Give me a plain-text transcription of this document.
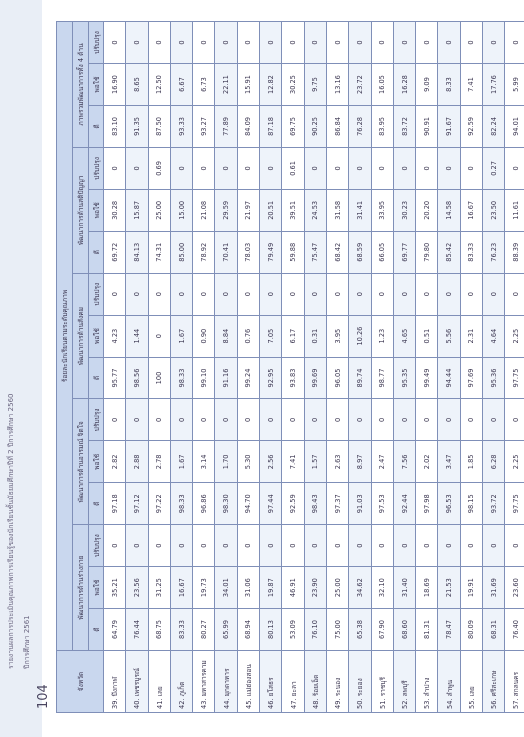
104
รายงานผลการประเมินคุณภาพการเรียนรู้ของนักเรียนชั้นมัธยมศึกษาปีที่ 2 ปีการศึกษา 2560 ปีการศึกษา 2561
จังหวัด	ร้อยละนักเรียนตามระดับคุณภาพ														
	พัฒนาการด้านร่างกาย			พัฒนาการด้านอารมณ์ จิตใจ			พัฒนาการด้านสังคม			พัฒนาการด้านสติปัญญา			ภาพรวมพัฒนาการทั้ง 4 ด้าน		
	ดี	พอใช้	ปรับปรุง	ดี	พอใช้	ปรับปรุง	ดี	พอใช้	ปรับปรุง	ดี	พอใช้	ปรับปรุง	ดี	พอใช้	ปรับปรุง
39. บึงกาฬ	64.79	35.21	0	97.18	2.82	0	95.77	4.23	0	69.72	30.28	0	83.10	16.90	0
40. เพชรบูรณ์	76.44	23.56	0	97.12	2.88	0	98.56	1.44	0	84.13	15.87	0	91.35	8.65	0
41. เลย	68.75	31.25	0	97.22	2.78	0	100	0	0	74.31	25.00	0.69	87.50	12.50	0
42. ภูเก็ต	83.33	16.67	0	98.33	1.67	0	98.33	1.67	0	85.00	15.00	0	93.33	6.67	0
43. มหาสารคาม	80.27	19.73	0	96.86	3.14	0	99.10	0.90	0	78.92	21.08	0	93.27	6.73	0
44. มุกดาหาร	65.99	34.01	0	98.30	1.70	0	91.16	8.84	0	70.41	29.59	0	77.89	22.11	0
45. แม่ฮ่องสอน	68.94	31.06	0	94.70	5.30	0	99.24	0.76	0	78.03	21.97	0	84.09	15.91	0
46. ยโสธร	80.13	19.87	0	97.44	2.56	0	92.95	7.05	0	79.49	20.51	0	87.18	12.82	0
47. ยะลา	53.09	46.91	0	92.59	7.41	0	93.83	6.17	0	59.88	39.51	0.61	69.75	30.25	0
48. ร้อยเอ็ด	76.10	23.90	0	98.43	1.57	0	99.69	0.31	0	75.47	24.53	0	90.25	9.75	0
49. ระนอง	75.00	25.00	0	97.37	2.63	0	96.05	3.95	0	68.42	31.58	0	86.84	13.16	0
50. ระยอง	65.38	34.62	0	91.03	8.97	0	89.74	10.26	0	68.59	31.41	0	76.28	23.72	0
51. ราชบุรี	67.90	32.10	0	97.53	2.47	0	98.77	1.23	0	66.05	33.95	0	83.95	16.05	0
52. ลพบุรี	68.60	31.40	0	92.44	7.56	0	95.35	4.65	0	69.77	30.23	0	83.72	16.28	0
53. ลำปาง	81.31	18.69	0	97.98	2.02	0	99.49	0.51	0	79.80	20.20	0	90.91	9.09	0
54. ลำพูน	78.47	21.53	0	96.53	3.47	0	94.44	5.56	0	85.42	14.58	0	91.67	8.33	0
55. เลย	80.09	19.91	0	98.15	1.85	0	97.69	2.31	0	83.33	16.67	0	92.59	7.41	0
56. ศรีสะเกษ	68.31	31.69	0	93.72	6.28	0	95.36	4.64	0	76.23	23.50	0.27	82.24	17.76	0
57. สกลนคร	76.40	23.60	0	97.75	2.25	0	97.75	2.25	0	88.39	11.61	0	94.01	5.99	0
